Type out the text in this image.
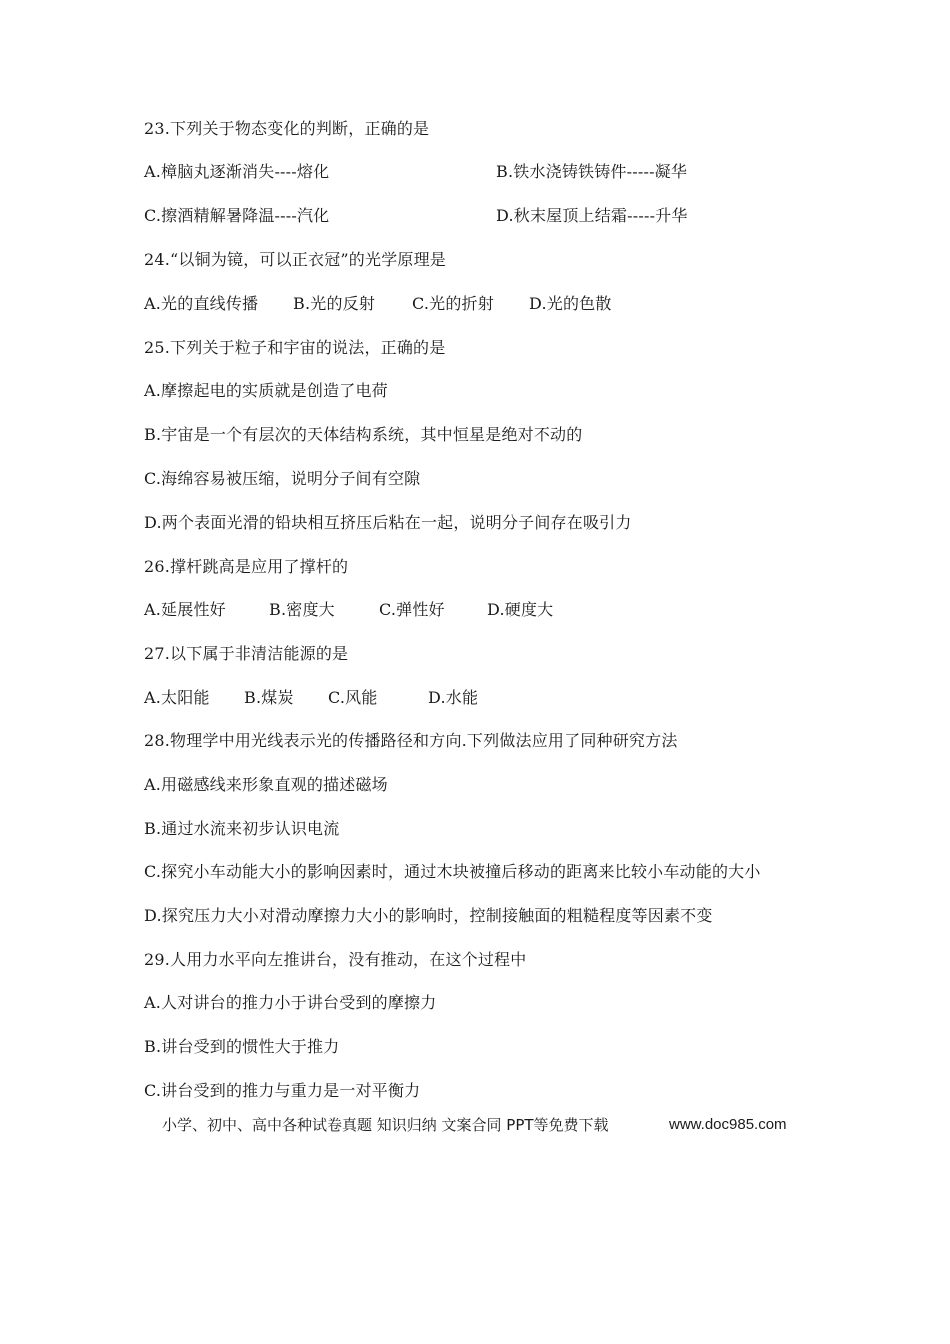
23.下列关于物态变化的判断，正确的是
A.樟脑丸逐渐消失----熔化	B.铁水浇铸铁铸件-----凝华
C.擦酒精解暑降温----汽化	D.秋末屋顶上结霜-----升华
24.“以铜为镜，可以正衣冠”的光学原理是
A.光的直线传播 B.光的反射 C.光的折射 D.光的色散
25.下列关于粒子和宇宙的说法，正确的是
A.摩擦起电的实质就是创造了电荷
B.宇宙是一个有层次的天体结构系统，其中恒星是绝对不动的
C.海绵容易被压缩，说明分子间有空隙
D.两个表面光滑的铅块相互挤压后粘在一起，说明分子间存在吸引力
26.撑杆跳高是应用了撑杆的
A.延展性好	B.密度大	C.弹性好	D.硬度大
27.以下属于非清洁能源的是
A.太阳能 B.煤炭 C.风能	D.水能
28.物理学中用光线表示光的传播路径和方向.下列做法应用了同种研究方法
A.用磁感线来形象直观的描述磁场
B.通过水流来初步认识电流
C.探究小车动能大小的影响因素时，通过木块被撞后移动的距离来比较小车动能的大小
D.探究压力大小对滑动摩擦力大小的影响时，控制接触面的粗糙程度等因素不变
29.人用力水平向左推讲台，没有推动，在这个过程中
A.人对讲台的推力小于讲台受到的摩擦力
B.讲台受到的惯性大于推力
C.讲台受到的推力与重力是一对平衡力
小学、初中、高中各种试卷真题 知识归纳 文案合同 PPT等免费下载	www.doc985.com
